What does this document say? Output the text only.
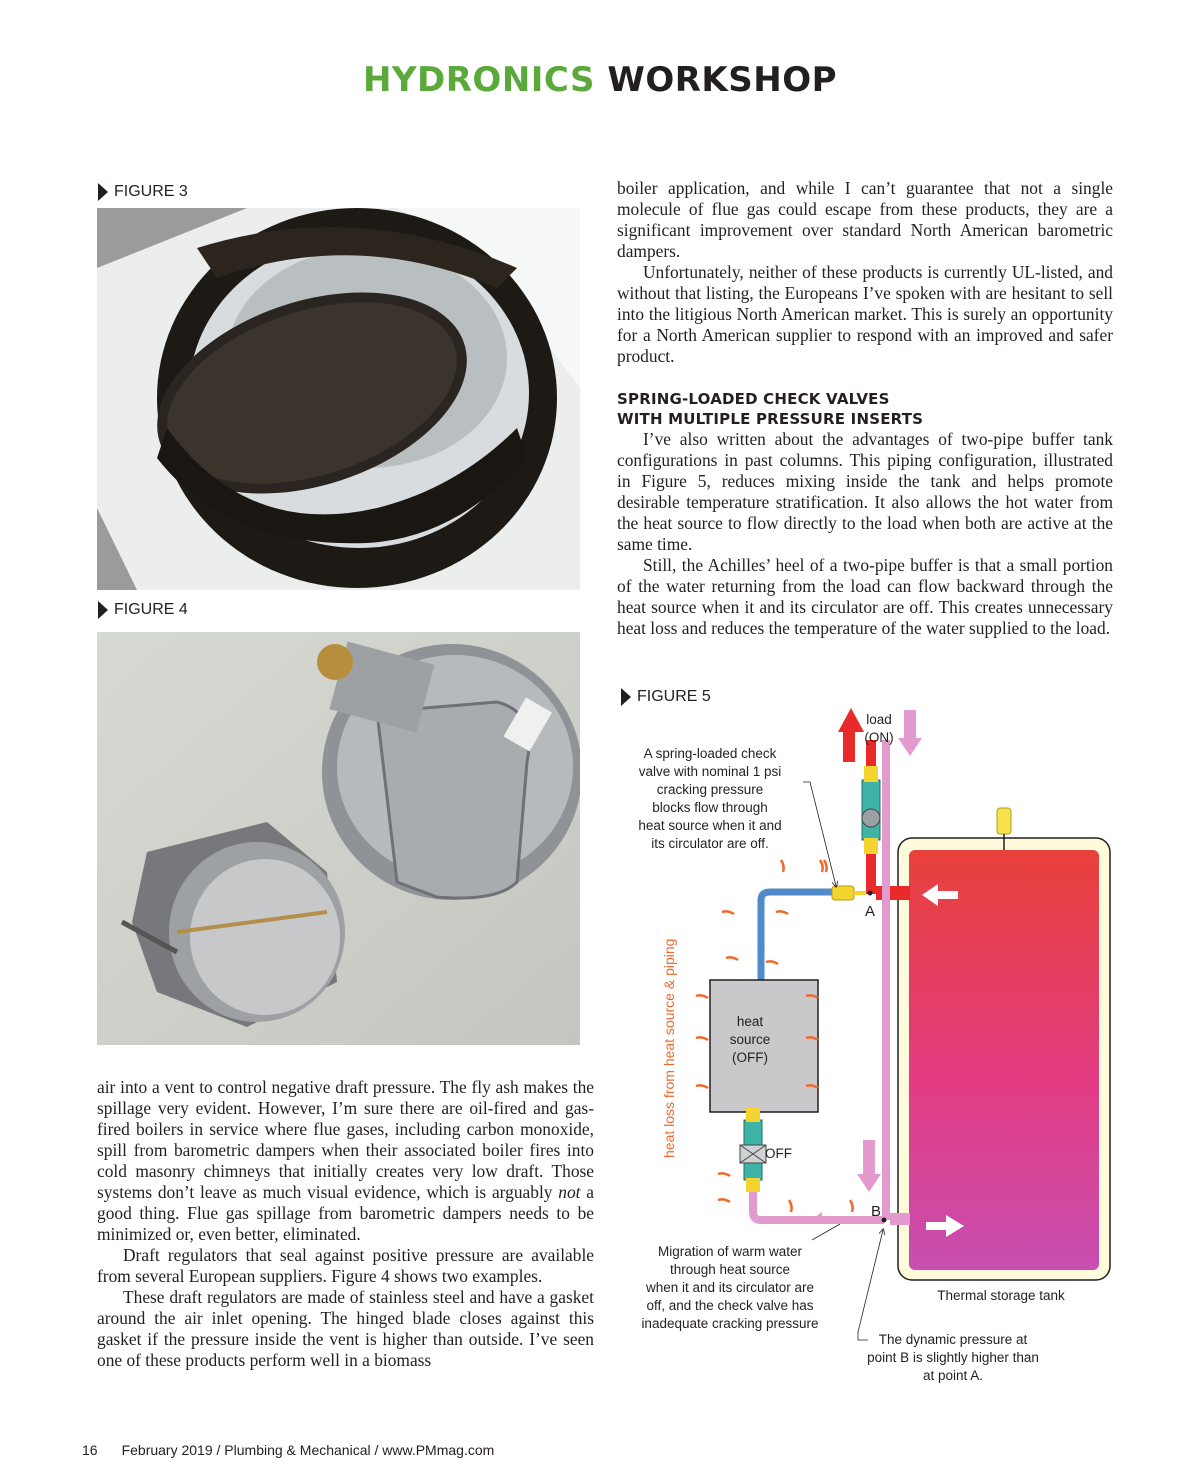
HYDRONICS WORKSHOP
FIGURE 3
FIGURE 4

air into a vent to control negative draft pressure. The fly ash makes the spillage very evident. However, I’m sure there are oil-fired and gas-fired boilers in service where flue gases, including carbon monoxide, spill from barometric dampers when their associated boiler fires into cold masonry chimneys that initially creates very low draft. Those systems don’t leave as much visual evidence, which is arguably not a good thing. Flue gas spillage from barometric dampers needs to be minimized or, even better, eliminated.

Draft regulators that seal against positive pressure are available from several European suppliers. Figure 4 shows two examples.

These draft regulators are made of stainless steel and have a gasket around the air inlet opening. The hinged blade closes against this gasket if the pressure inside the vent is higher than outside. I’ve seen one of these products perform well in a biomass

boiler application, and while I can’t guarantee that not a single molecule of flue gas could escape from these products, they are a significant improvement over standard North American barometric dampers.

Unfortunately, neither of these products is currently UL-listed, and without that listing, the Europeans I’ve spoken with are hesitant to sell into the litigious North American market. This is surely an opportunity for a North American supplier to respond with an improved and safer product.

SPRING-LOADED CHECK VALVES
WITH MULTIPLE PRESSURE INSERTS

I’ve also written about the advantages of two-pipe buffer tank configurations in past columns. This piping configuration, illustrated in Figure 5, reduces mixing inside the tank and helps promote desirable temperature stratification. It also allows the hot water from the heat source to flow directly to the load when both are active at the same time.

Still, the Achilles’ heel of a two-pipe buffer is that a small portion of the water returning from the load can flow backward through the heat source when it and its circulator are off. This creates unnecessary heat loss and reduces the temperature of the water supplied to the load.

FIGURE 5
load
(ON)
A spring-loaded check
valve with nominal 1 psi
cracking pressure
blocks flow through
heat source when it and
its circulator are off.
A
B
heat
source
(OFF)
OFF
heat loss from heat source & piping
Migration of warm water
through heat source
when it and its circulator are
off, and the check valve has
inadequate cracking pressure
Thermal storage tank
The dynamic pressure at
point B is slightly higher than
at point A.
16 February 2019 / Plumbing & Mechanical / www.PMmag.com
